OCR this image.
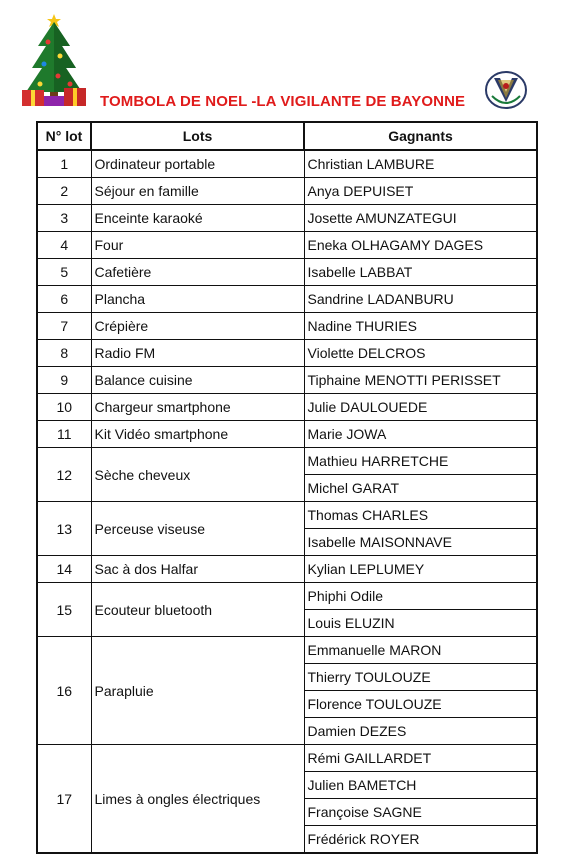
TOMBOLA DE NOEL -LA VIGILANTE DE BAYONNE
N° lot	Lots	Gagnants
1	Ordinateur portable	Christian LAMBURE
2	Séjour en famille	Anya DEPUISET
3	Enceinte karaoké	Josette AMUNZATEGUI
4	Four	Eneka OLHAGAMY DAGES
5	Cafetière	Isabelle LABBAT
6	Plancha	Sandrine LADANBURU
7	Crépière	Nadine THURIES
8	Radio FM	Violette DELCROS
9	Balance cuisine	Tiphaine MENOTTI PERISSET
10	Chargeur smartphone	Julie DAULOUEDE
11	Kit Vidéo smartphone	Marie JOWA
12	Sèche cheveux	Mathieu HARRETCHE
		Michel GARAT
13	Perceuse viseuse	Thomas CHARLES
		Isabelle MAISONNAVE
14	Sac à dos Halfar	Kylian LEPLUMEY
15	Ecouteur bluetooth	Phiphi Odile
		Louis ELUZIN
16	Parapluie	Emmanuelle MARON
		Thierry TOULOUZE
		Florence TOULOUZE
		Damien DEZES
17	Limes à ongles électriques	Rémi GAILLARDET
		Julien BAMETCH
		Françoise SAGNE
		Frédérick ROYER
